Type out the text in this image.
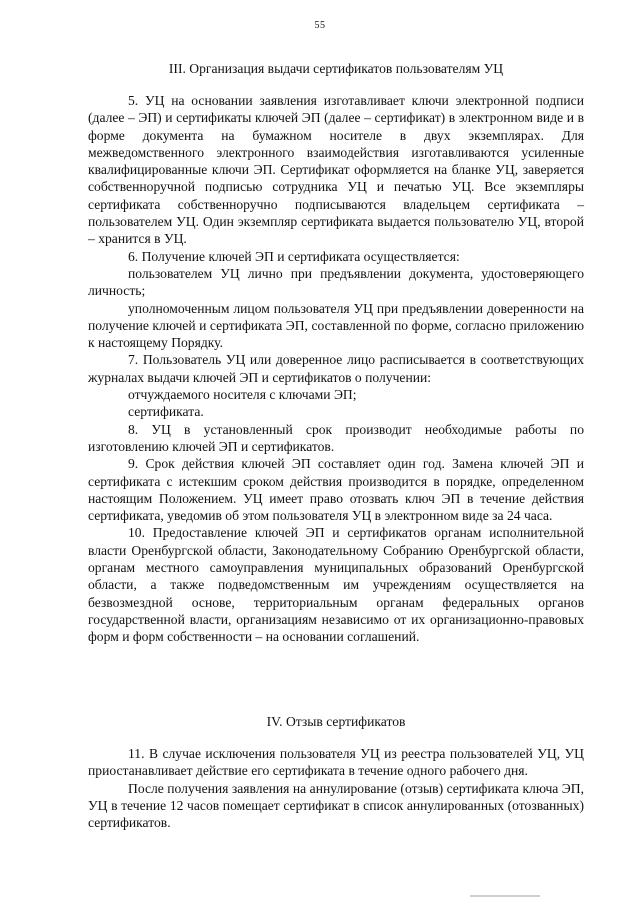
55
III. Организация выдачи сертификатов пользователям УЦ

5. УЦ на основании заявления изготавливает ключи электронной подписи (далее – ЭП) и сертификаты ключей ЭП (далее – сертификат) в электронном виде и в форме документа на бумажном носителе в двух экземплярах. Для межведомственного электронного взаимодействия изготавливаются усиленные квалифицированные ключи ЭП. Сертификат оформляется на бланке УЦ, заверяется собственноручной подписью сотрудника УЦ и печатью УЦ. Все экземпляры сертификата собственноручно подписываются владельцем сертификата – пользователем УЦ. Один экземпляр сертификата выдается пользователю УЦ, второй – хранится в УЦ.

6. Получение ключей ЭП и сертификата осуществляется:

пользователем УЦ лично при предъявлении документа, удостоверяющего личность;

уполномоченным лицом пользователя УЦ при предъявлении доверенности на получение ключей и сертификата ЭП, составленной по форме, согласно приложению к настоящему Порядку.

7. Пользователь УЦ или доверенное лицо расписывается в соответствующих журналах выдачи ключей ЭП и сертификатов о получении:

отчуждаемого носителя с ключами ЭП;

сертификата.

8. УЦ в установленный срок производит необходимые работы по изготовлению ключей ЭП и сертификатов.

9. Срок действия ключей ЭП составляет один год. Замена ключей ЭП и сертификата с истекшим сроком действия производится в порядке, определенном настоящим Положением. УЦ имеет право отозвать ключ ЭП в течение действия сертификата, уведомив об этом пользователя УЦ в электронном виде за 24 часа.

10. Предоставление ключей ЭП и сертификатов органам исполнительной власти Оренбургской области, Законодательному Собранию Оренбургской области, органам местного самоуправления муниципальных образований Оренбургской области, а также подведомственным им учреждениям осуществляется на безвозмездной основе, территориальным органам федеральных органов государственной власти, организациям независимо от их организационно-правовых форм и форм собственности – на основании соглашений.

IV. Отзыв сертификатов

11. В случае исключения пользователя УЦ из реестра пользователей УЦ, УЦ приостанавливает действие его сертификата в течение одного рабочего дня.

После получения заявления на аннулирование (отзыв) сертификата ключа ЭП, УЦ в течение 12 часов помещает сертификат в список аннулированных (отозванных) сертификатов.
